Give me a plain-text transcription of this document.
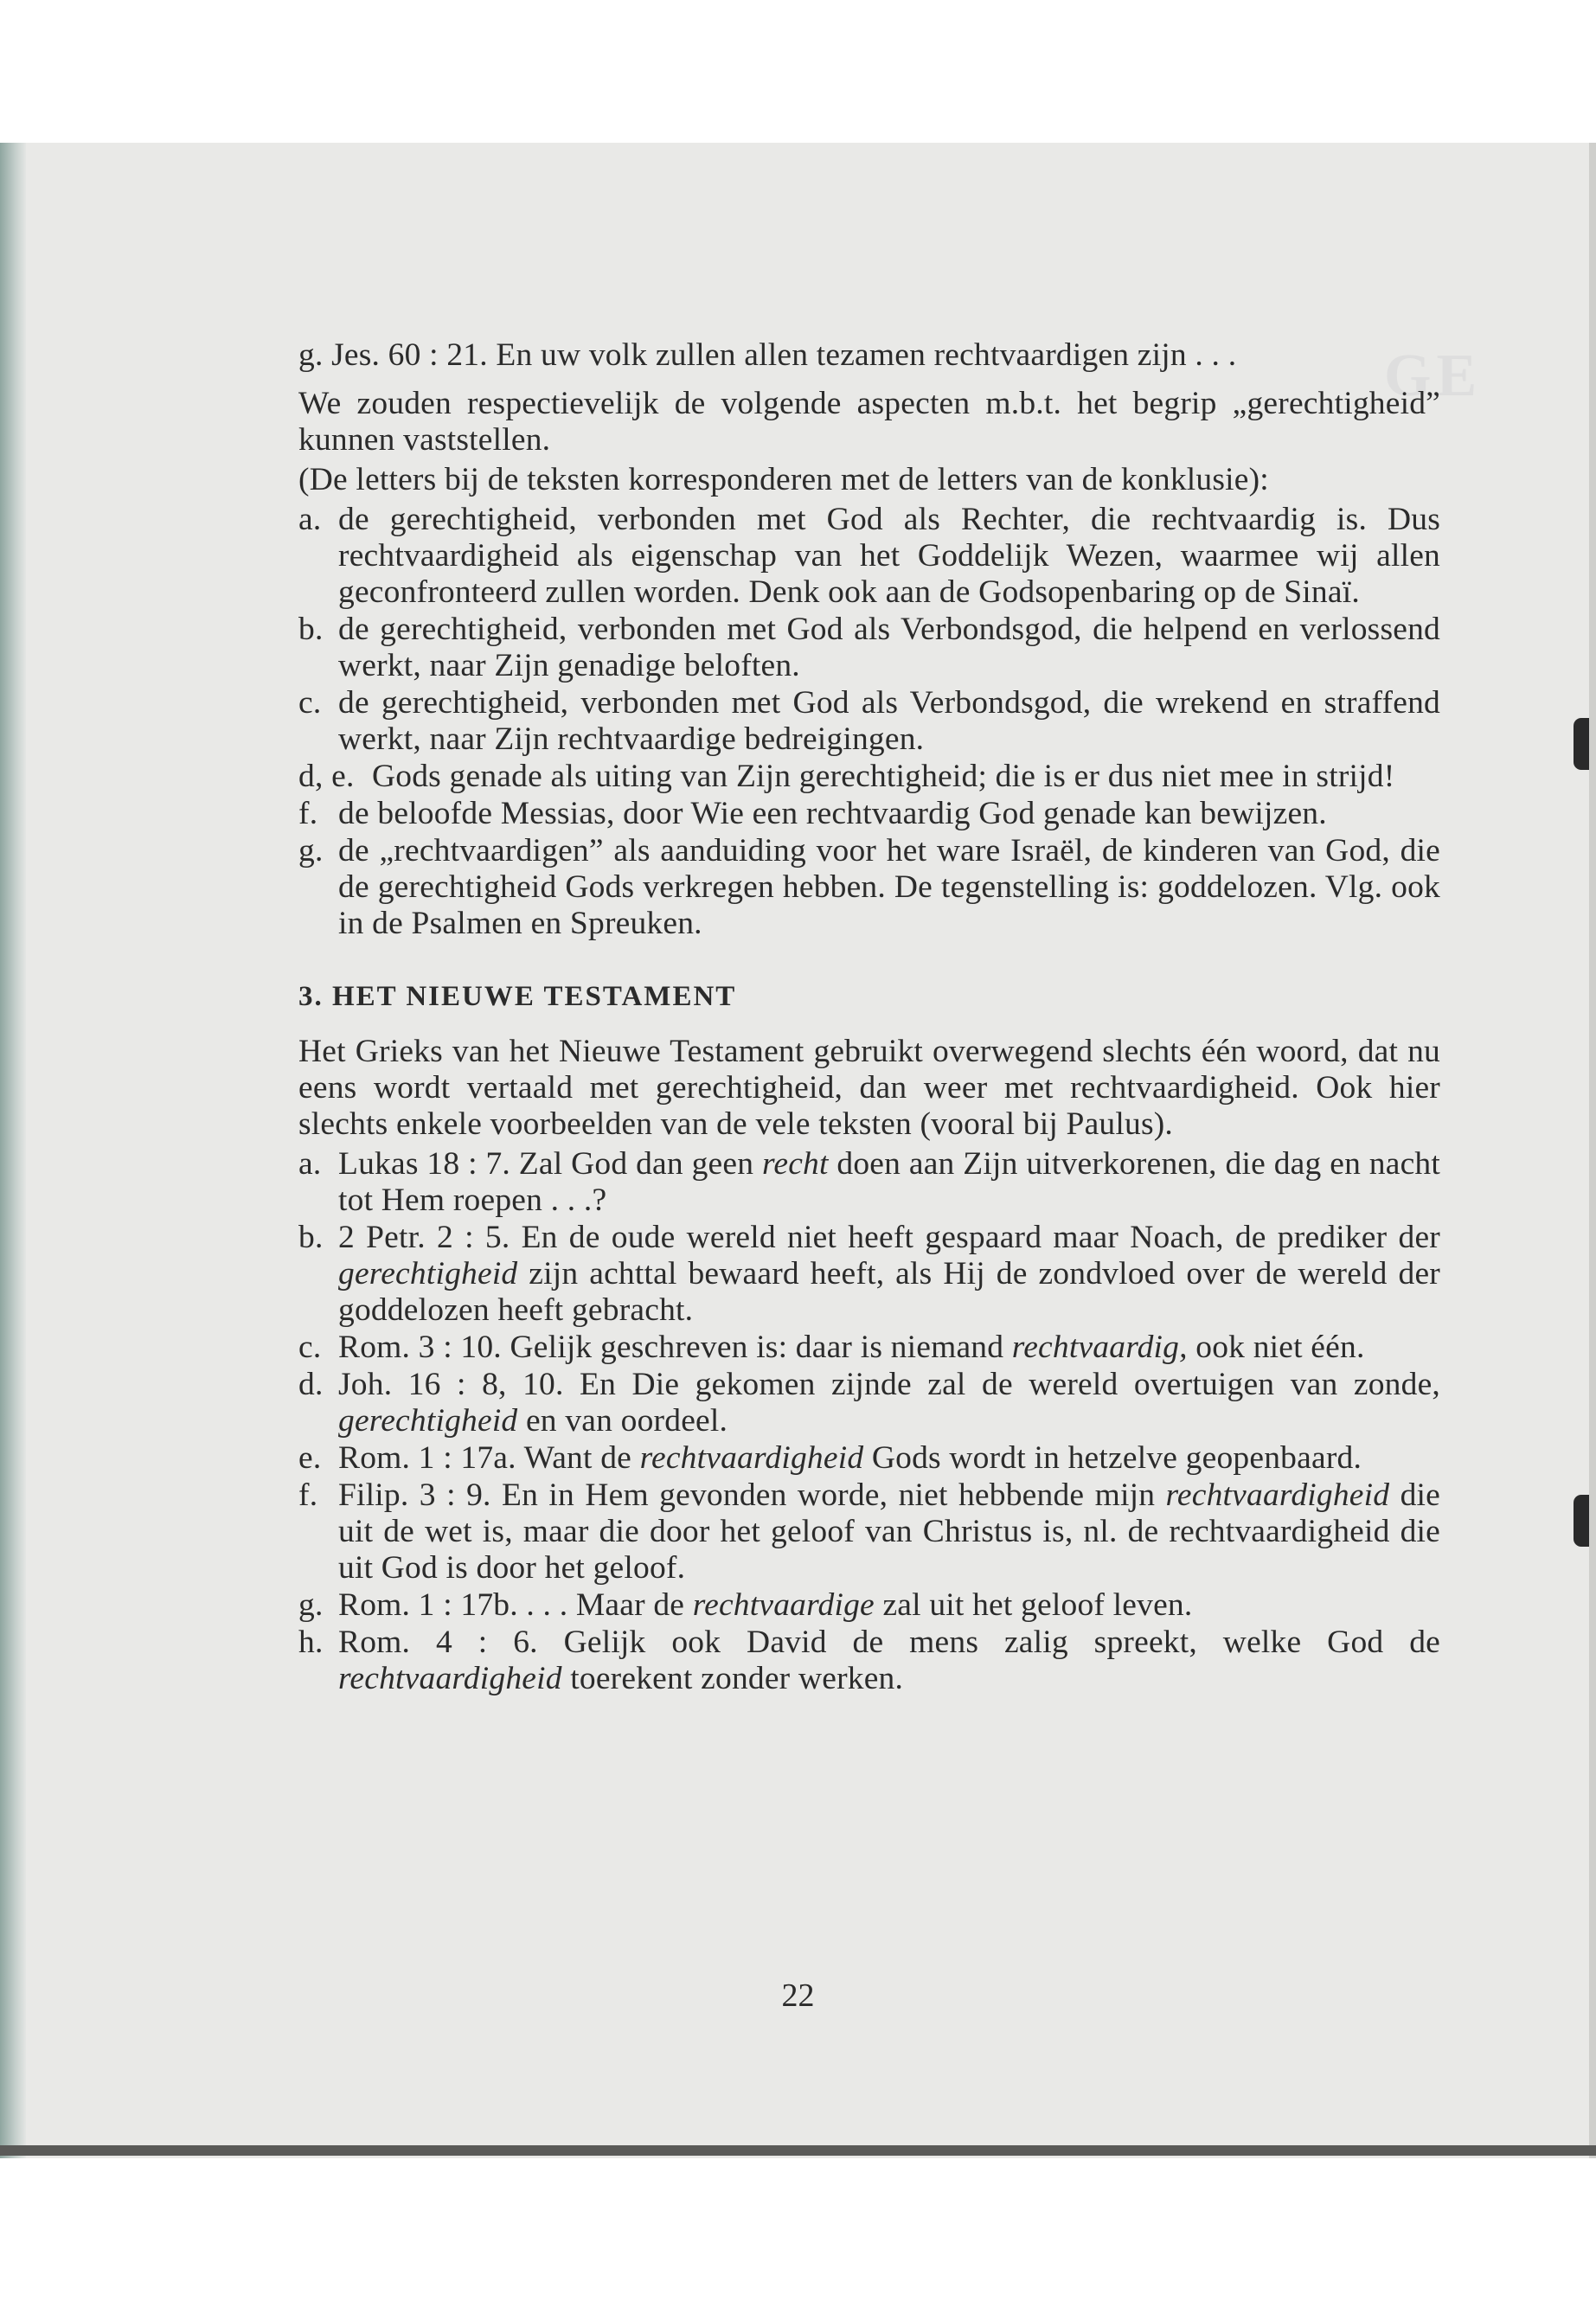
GE

g. Jes. 60 : 21. En uw volk zullen allen tezamen rechtvaardigen zijn . . .

We zouden respectievelijk de volgende aspecten m.b.t. het begrip „gerechtigheid” kunnen vaststellen.

(De letters bij de teksten korresponderen met de letters van de konklusie):

a. de gerechtigheid, verbonden met God als Rechter, die rechtvaardig is. Dus rechtvaardigheid als eigenschap van het Goddelijk Wezen, waarmee wij allen geconfronteerd zullen worden. Denk ook aan de Godsopenbaring op de Sinaï.
b. de gerechtigheid, verbonden met God als Verbondsgod, die helpend en verlossend werkt, naar Zijn genadige beloften.
c. de gerechtigheid, verbonden met God als Verbondsgod, die wrekend en straffend werkt, naar Zijn rechtvaardige bedreigingen.
d, e. Gods genade als uiting van Zijn gerechtigheid; die is er dus niet mee in strijd!
f. de beloofde Messias, door Wie een rechtvaardig God genade kan bewijzen.
g. de „rechtvaardigen” als aanduiding voor het ware Israël, de kinderen van God, die de gerechtigheid Gods verkregen hebben. De tegenstelling is: goddelozen. Vlg. ook in de Psalmen en Spreuken.
3. HET NIEUWE TESTAMENT

Het Grieks van het Nieuwe Testament gebruikt overwegend slechts één woord, dat nu eens wordt vertaald met gerechtigheid, dan weer met rechtvaardigheid. Ook hier slechts enkele voorbeelden van de vele teksten (vooral bij Paulus).

a. Lukas 18 : 7. Zal God dan geen recht doen aan Zijn uitverkorenen, die dag en nacht tot Hem roepen . . .?
b. 2 Petr. 2 : 5. En de oude wereld niet heeft gespaard maar Noach, de prediker der gerechtigheid zijn achttal bewaard heeft, als Hij de zondvloed over de wereld der goddelozen heeft gebracht.
c. Rom. 3 : 10. Gelijk geschreven is: daar is niemand rechtvaardig, ook niet één.
d. Joh. 16 : 8, 10. En Die gekomen zijnde zal de wereld overtuigen van zonde, gerechtigheid en van oordeel.
e. Rom. 1 : 17a. Want de rechtvaardigheid Gods wordt in hetzelve geopenbaard.
f. Filip. 3 : 9. En in Hem gevonden worde, niet hebbende mijn rechtvaardigheid die uit de wet is, maar die door het geloof van Christus is, nl. de rechtvaardigheid die uit God is door het geloof.
g. Rom. 1 : 17b. . . . Maar de rechtvaardige zal uit het geloof leven.
h. Rom. 4 : 6. Gelijk ook David de mens zalig spreekt, welke God de rechtvaardigheid toerekent zonder werken.
22
